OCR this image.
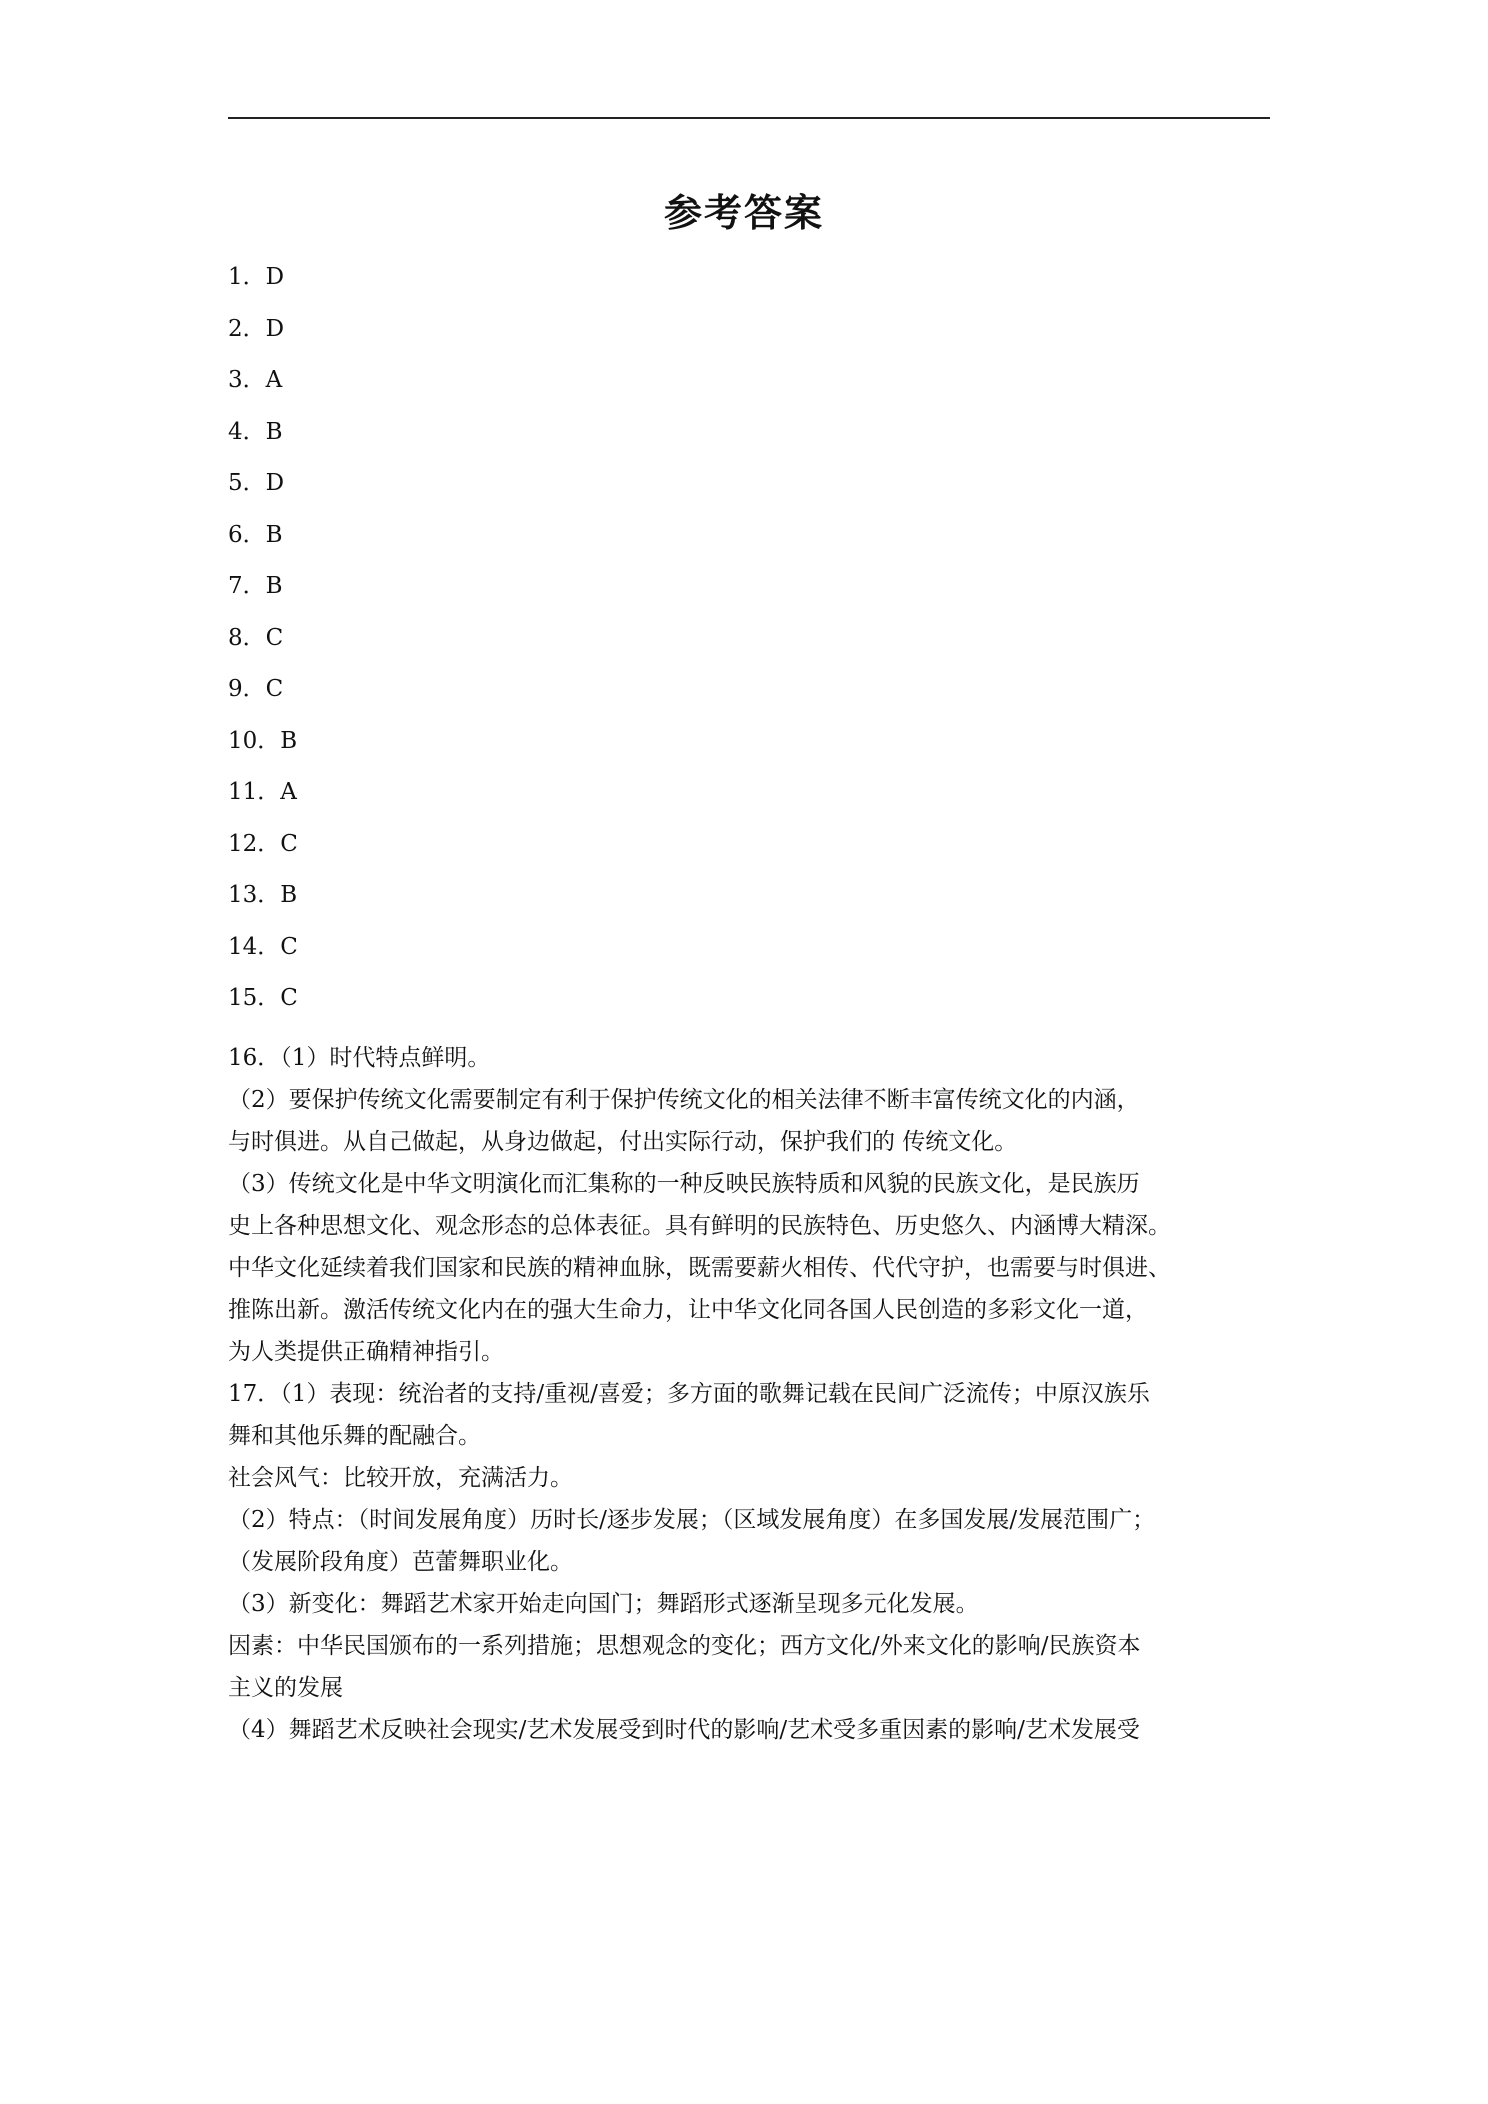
参考答案
1．D
2．D
3．A
4．B
5．D
6．B
7．B
8．C
9．C
10．B
11．A
12．C
13．B
14．C
15．C

16．（1）时代特点鲜明。

（2）要保护传统文化需要制定有利于保护传统文化的相关法律不断丰富传统文化的内涵，

与时俱进。从自己做起，从身边做起，付出实际行动，保护我们的 传统文化。

（3）传统文化是中华文明演化而汇集称的一种反映民族特质和风貌的民族文化，是民族历

史上各种思想文化、观念形态的总体表征。具有鲜明的民族特色、历史悠久、内涵博大精深。

中华文化延续着我们国家和民族的精神血脉，既需要薪火相传、代代守护，也需要与时俱进、

推陈出新。激活传统文化内在的强大生命力，让中华文化同各国人民创造的多彩文化一道，

为人类提供正确精神指引。

17．（1）表现：统治者的支持/重视/喜爱；多方面的歌舞记载在民间广泛流传；中原汉族乐

舞和其他乐舞的配融合。

社会风气：比较开放，充满活力。

（2）特点：（时间发展角度）历时长/逐步发展；（区域发展角度）在多国发展/发展范围广；

（发展阶段角度）芭蕾舞职业化。

（3）新变化：舞蹈艺术家开始走向国门；舞蹈形式逐渐呈现多元化发展。

因素：中华民国颁布的一系列措施；思想观念的变化；西方文化/外来文化的影响/民族资本

主义的发展

（4）舞蹈艺术反映社会现实/艺术发展受到时代的影响/艺术受多重因素的影响/艺术发展受
